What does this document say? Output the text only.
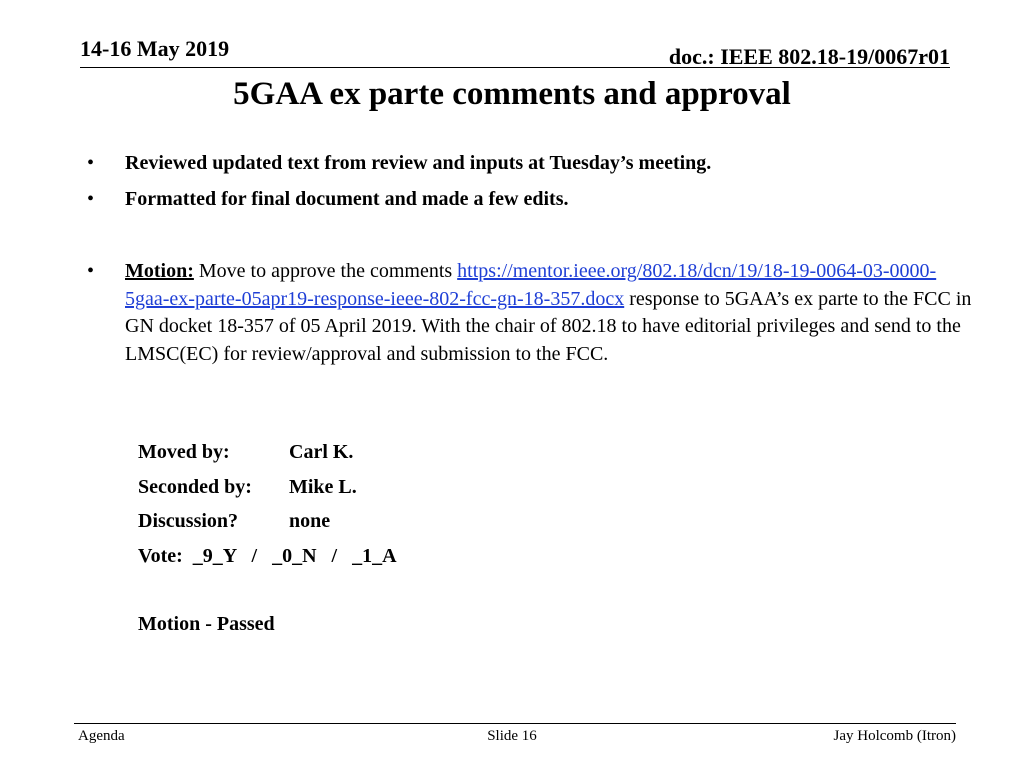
14-16 May 2019	doc.: IEEE 802.18-19/0067r01
5GAA ex parte comments and approval
• Reviewed updated text from review and inputs at Tuesday’s meeting.
• Formatted for final document and made a few edits.
• Motion: Move to approve the comments https://mentor.ieee.org/802.18/dcn/19/18-19-0064-03-0000-5gaa-ex-parte-05apr19-response-ieee-802-fcc-gn-18-357.docx response to 5GAA’s ex parte to the FCC in GN docket 18-357 of 05 April 2019. With the chair of 802.18 to have editorial privileges and send to the LMSC(EC) for review/approval and submission to the FCC.
Moved by:	Carl K.
Seconded by: Mike L.
Discussion?	none
Vote:  _9_Y   /   _0_N   /   _1_A
Motion - Passed
Agenda	Slide 16	Jay Holcomb (Itron)
